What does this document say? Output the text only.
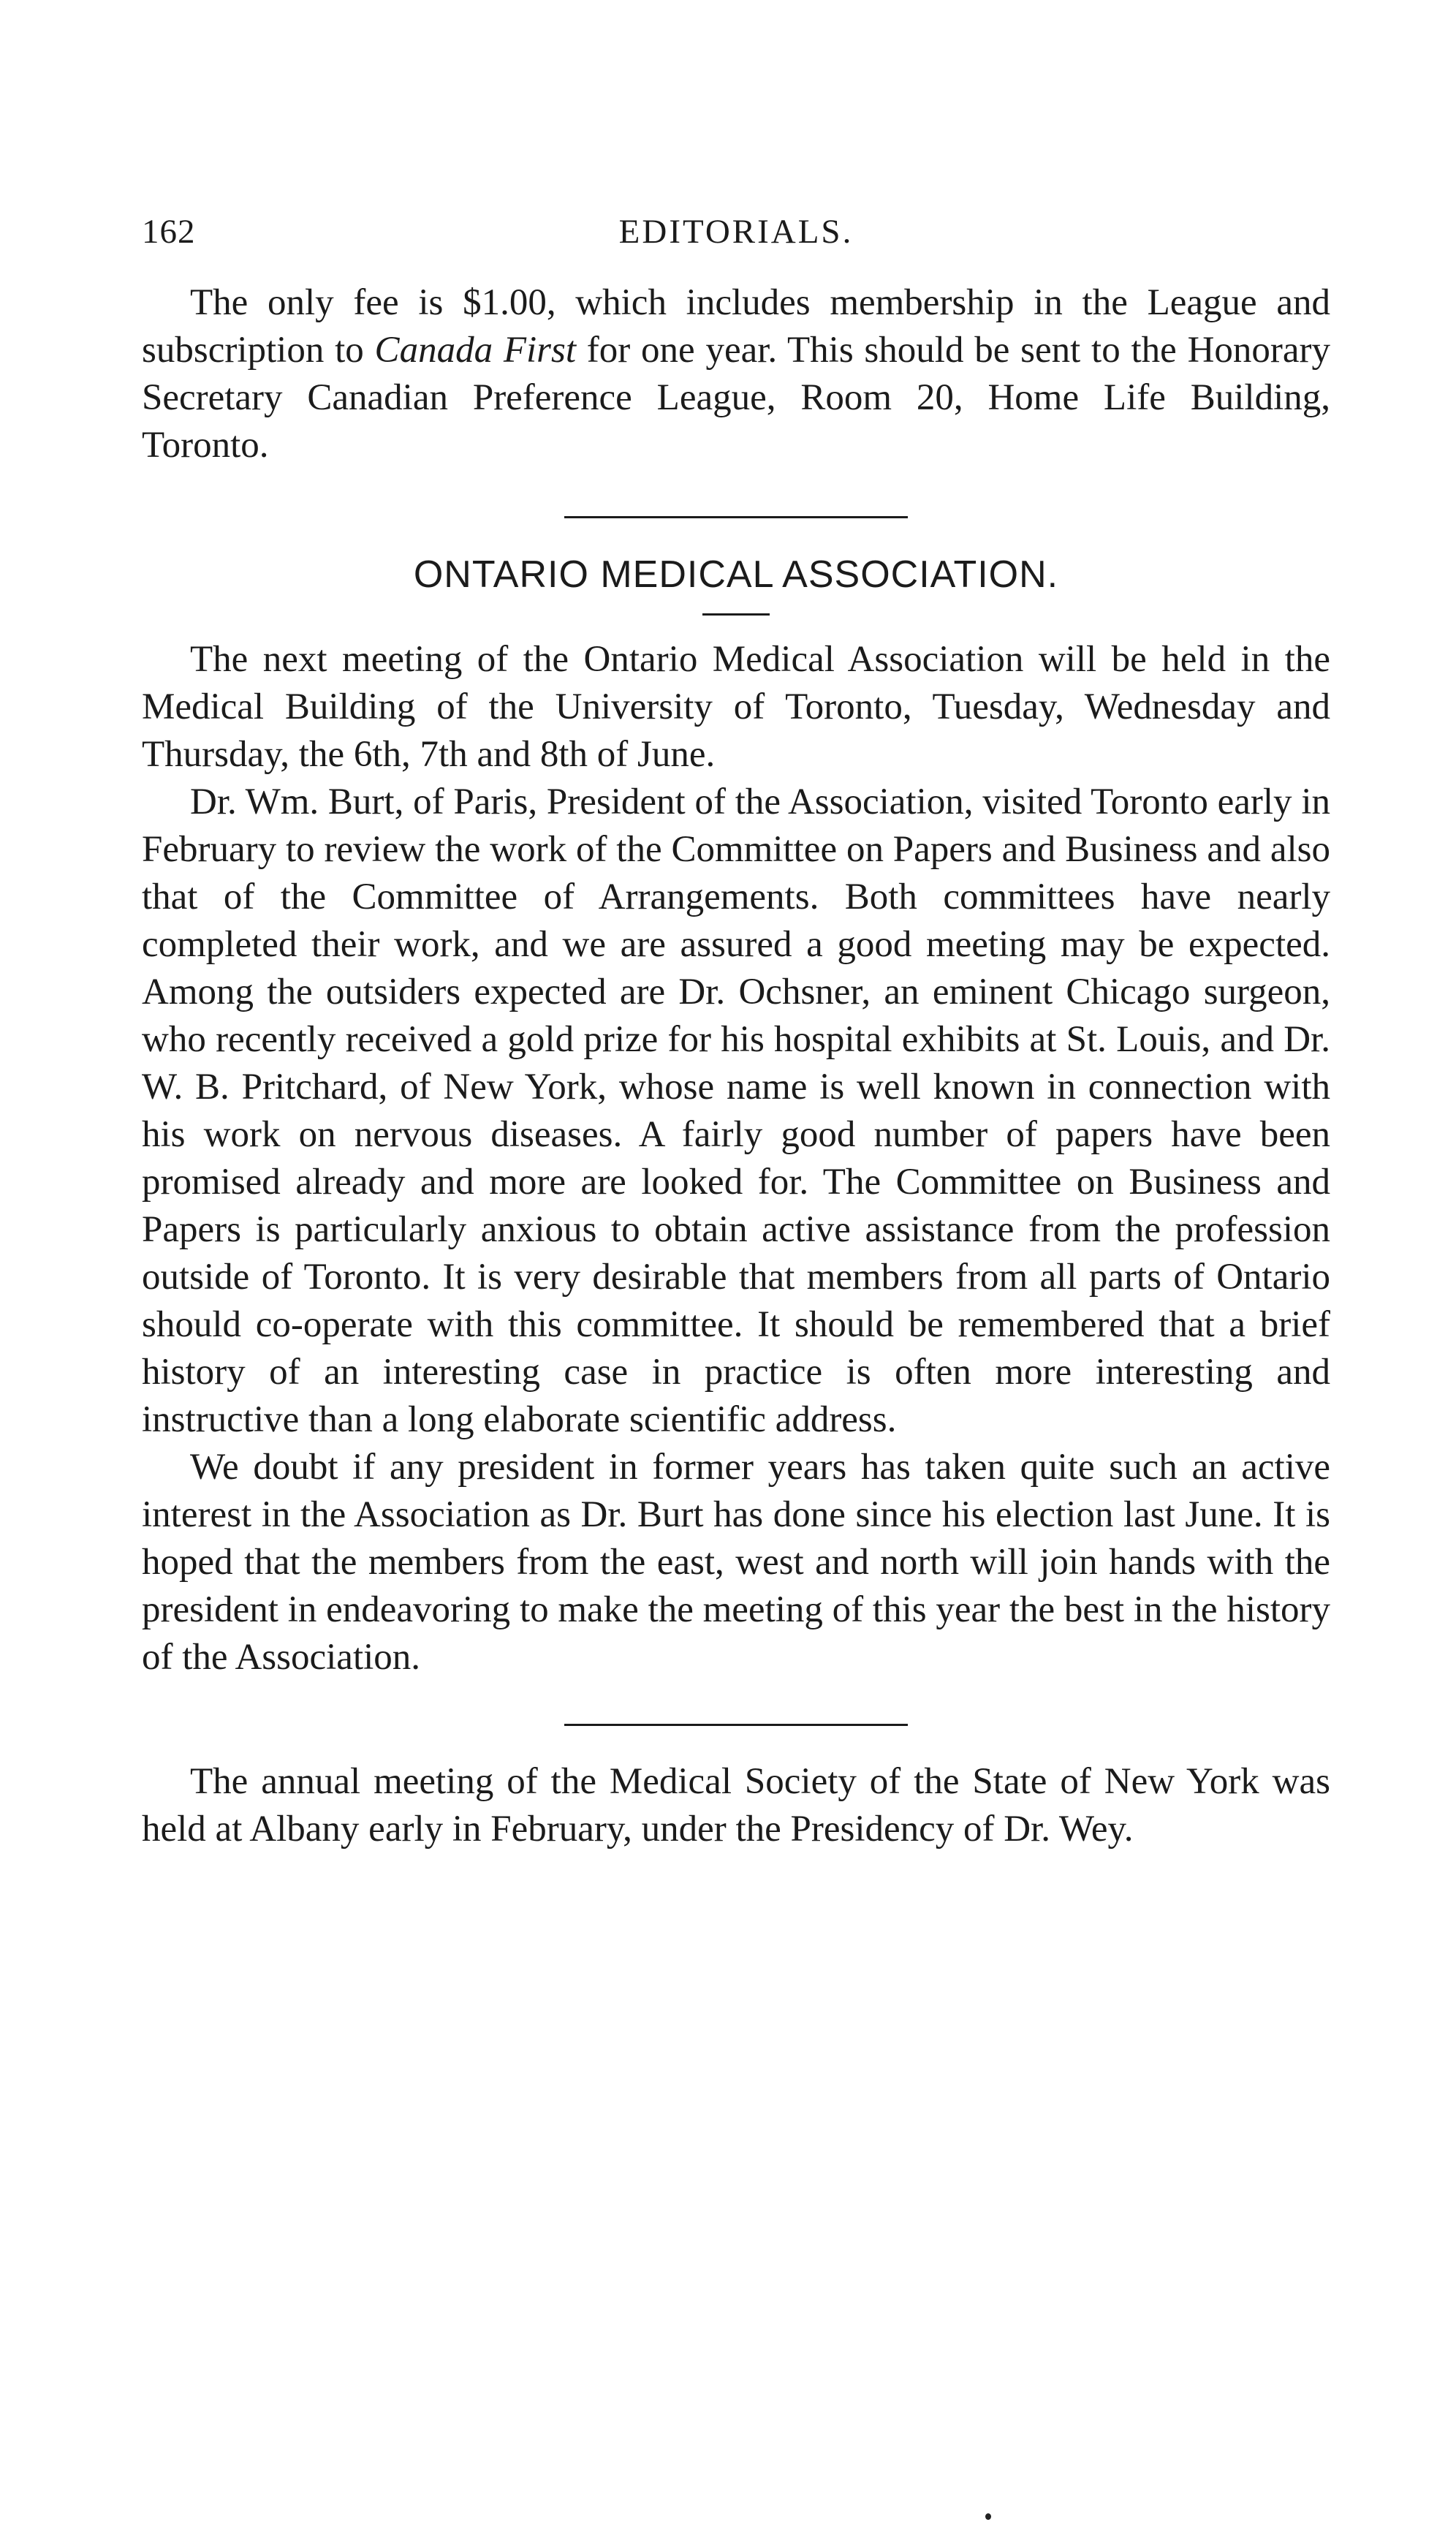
162	EDITORIALS.

The only fee is $1.00, which includes membership in the League and subscription to Canada First for one year. This should be sent to the Honorary Secretary Canadian Preference League, Room 20, Home Life Building, Toronto.

ONTARIO MEDICAL ASSOCIATION.

The next meeting of the Ontario Medical Association will be held in the Medical Building of the University of Toronto, Tuesday, Wednesday and Thursday, the 6th, 7th and 8th of June.

Dr. Wm. Burt, of Paris, President of the Association, visited Toronto early in February to review the work of the Committee on Papers and Business and also that of the Committee of Arrangements. Both committees have nearly completed their work, and we are assured a good meeting may be expected. Among the outsiders expected are Dr. Ochsner, an eminent Chicago surgeon, who recently received a gold prize for his hospital exhibits at St. Louis, and Dr. W. B. Pritchard, of New York, whose name is well known in connection with his work on nervous diseases. A fairly good number of papers have been promised already and more are looked for. The Committee on Business and Papers is particularly anxious to obtain active assistance from the profession outside of Toronto. It is very desirable that members from all parts of Ontario should co-operate with this committee. It should be remembered that a brief history of an interesting case in practice is often more interesting and instructive than a long elaborate scientific address.

We doubt if any president in former years has taken quite such an active interest in the Association as Dr. Burt has done since his election last June. It is hoped that the members from the east, west and north will join hands with the president in endeavoring to make the meeting of this year the best in the history of the Association.

The annual meeting of the Medical Society of the State of New York was held at Albany early in February, under the Presidency of Dr. Wey.
